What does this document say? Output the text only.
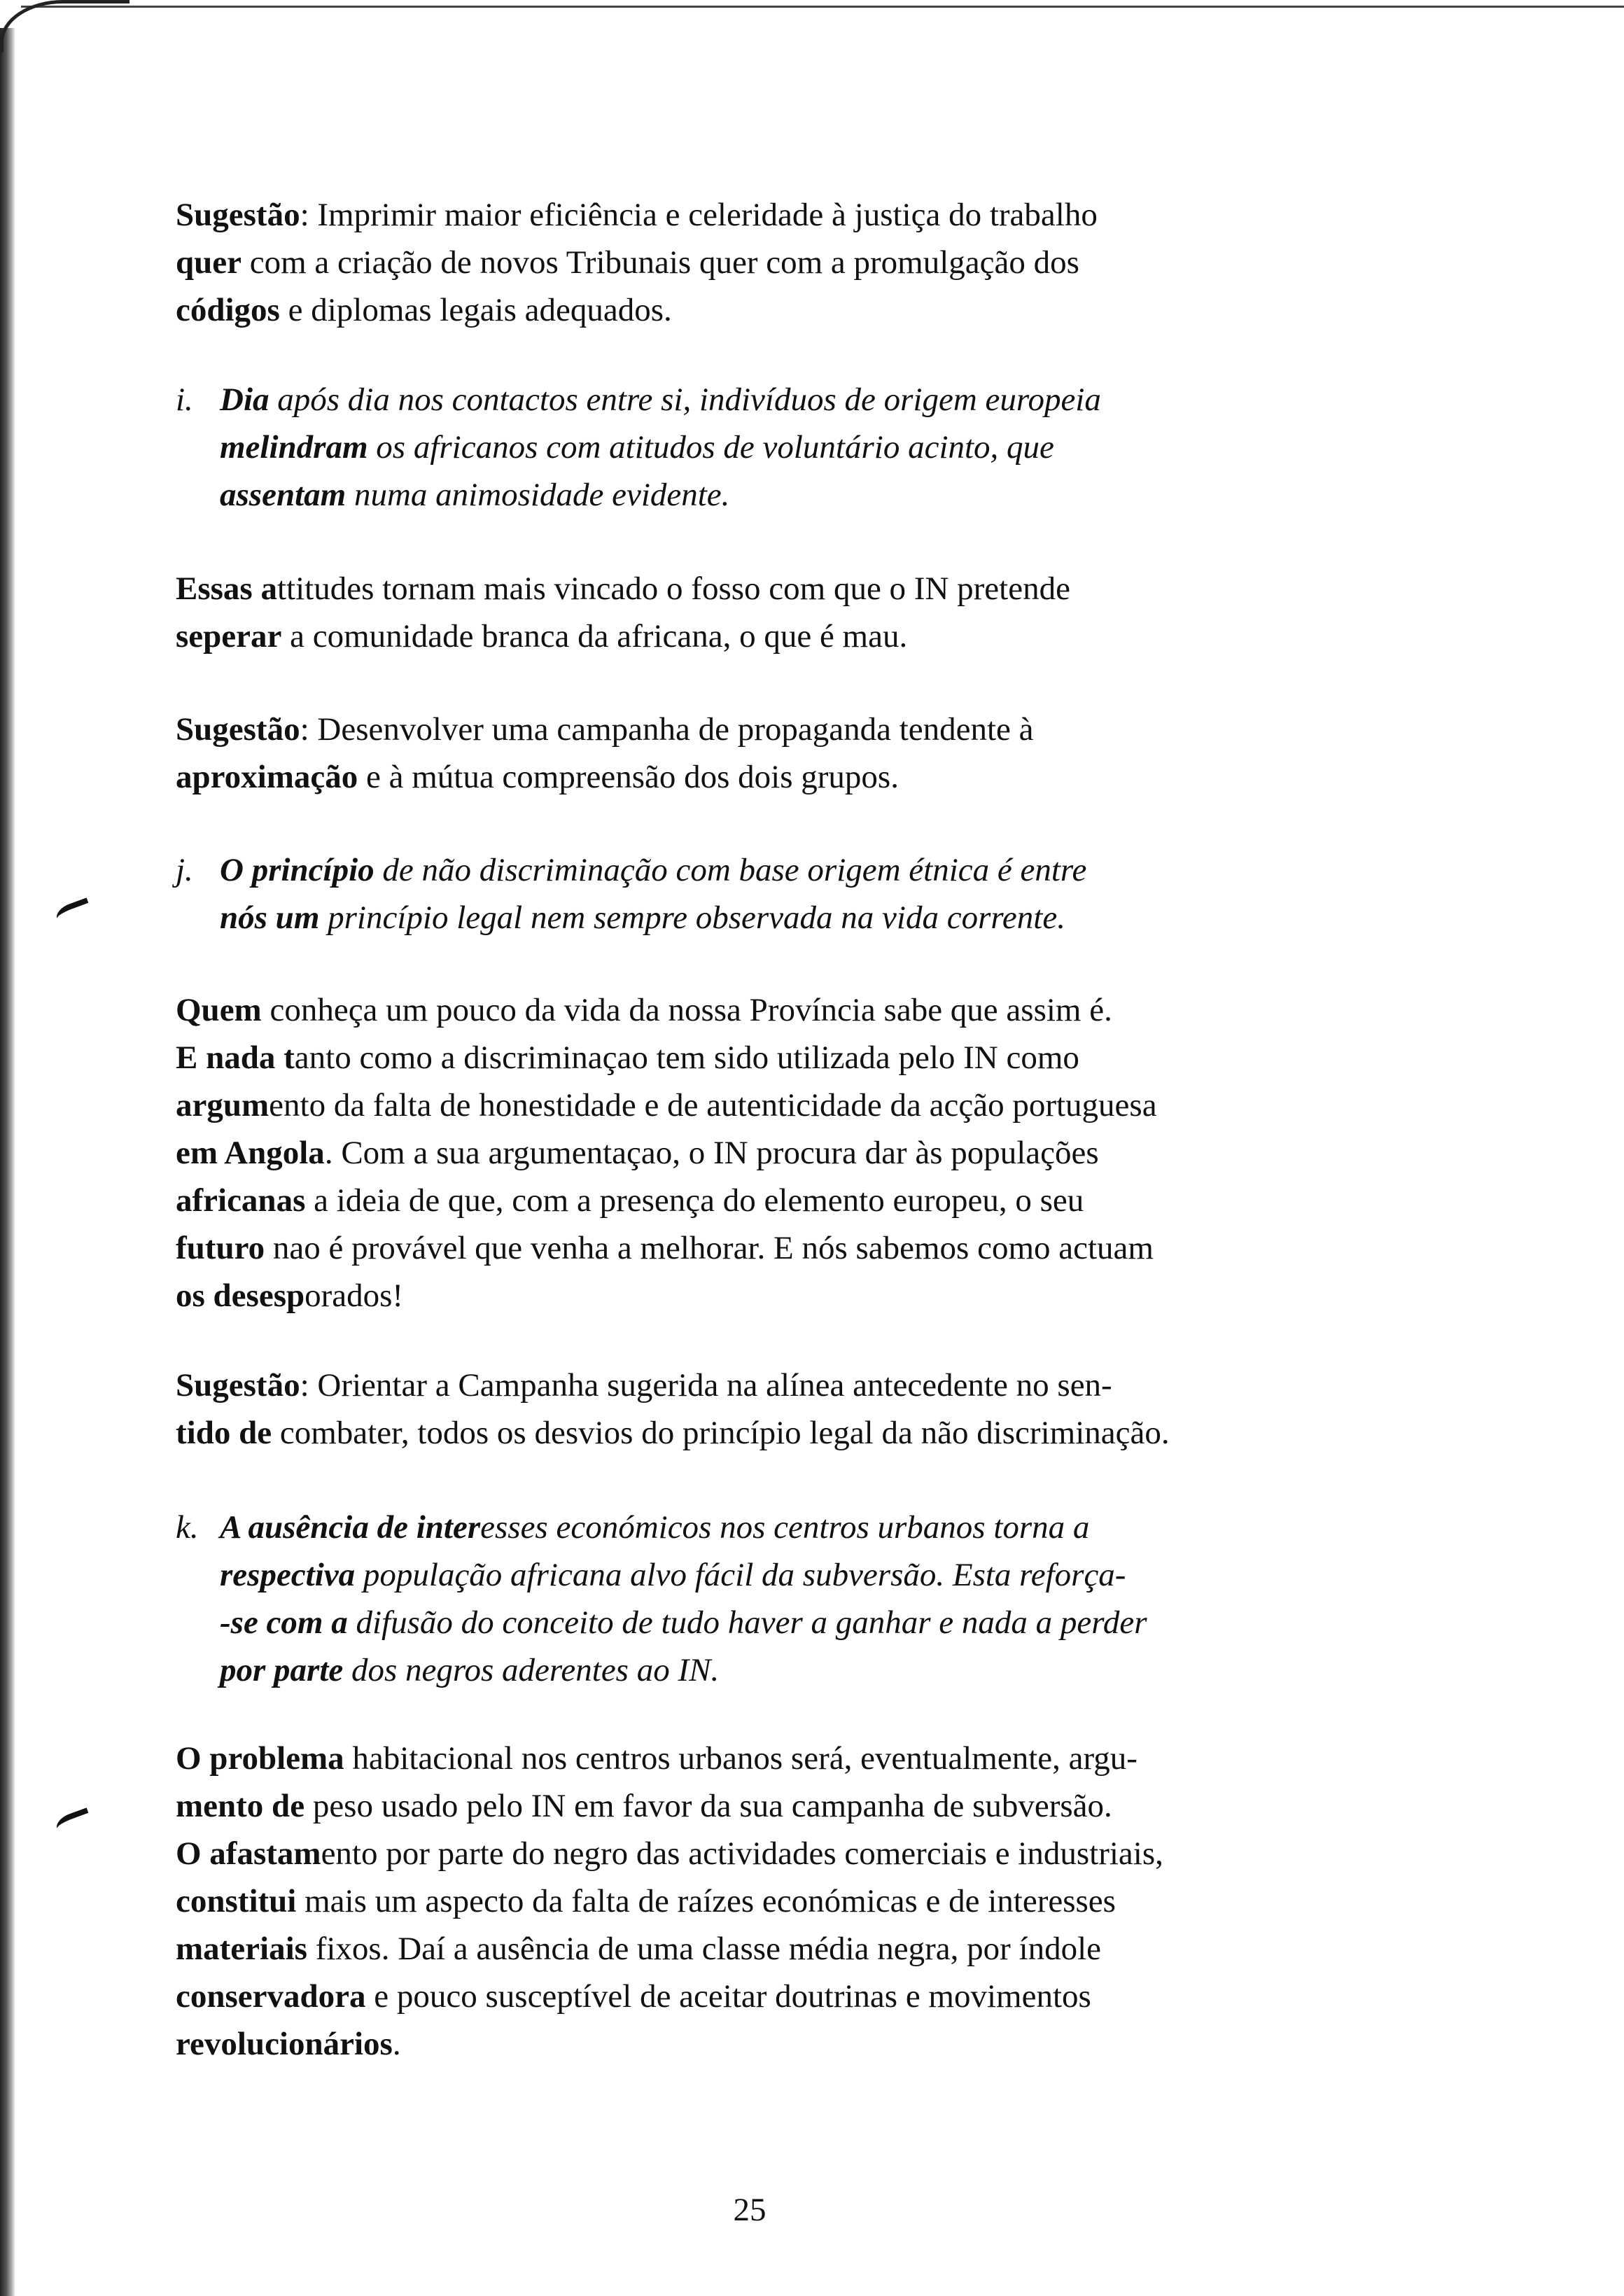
Sugestão: Imprimir maior eficiência e celeridade à justiça do trabalho
quer com a criação de novos Tribunais quer com a promulgação dos
códigos e diplomas legais adequados.
i. Dia após dia nos contactos entre si, indivíduos de origem europeia
melindram os africanos com atitudos de voluntário acinto, que
assentam numa animosidade evidente.
Essas attitudes tornam mais vincado o fosso com que o IN pretende
seperar a comunidade branca da africana, o que é mau.
Sugestão: Desenvolver uma campanha de propaganda tendente à
aproximação e à mútua compreensão dos dois grupos.
j. O princípio de não discriminação com base origem étnica é entre
nós um princípio legal nem sempre observada na vida corrente.
Quem conheça um pouco da vida da nossa Província sabe que assim é.
E nada tanto como a discriminaçao tem sido utilizada pelo IN como
argumento da falta de honestidade e de autenticidade da acção portuguesa
em Angola. Com a sua argumentaçao, o IN procura dar às populações
africanas a ideia de que, com a presença do elemento europeu, o seu
futuro nao é provável que venha a melhorar. E nós sabemos como actuam
os desesporados!
Sugestão: Orientar a Campanha sugerida na alínea antecedente no sen-
tido de combater, todos os desvios do princípio legal da não discriminação.
k. A ausência de interesses económicos nos centros urbanos torna a
respectiva população africana alvo fácil da subversão. Esta reforça-
-se com a difusão do conceito de tudo haver a ganhar e nada a perder
por parte dos negros aderentes ao IN.
O problema habitacional nos centros urbanos será, eventualmente, argu-
mento de peso usado pelo IN em favor da sua campanha de subversão.
O afastamento por parte do negro das actividades comerciais e industriais,
constitui mais um aspecto da falta de raízes económicas e de interesses
materiais fixos. Daí a ausência de uma classe média negra, por índole
conservadora e pouco susceptível de aceitar doutrinas e movimentos
revolucionários.
25
